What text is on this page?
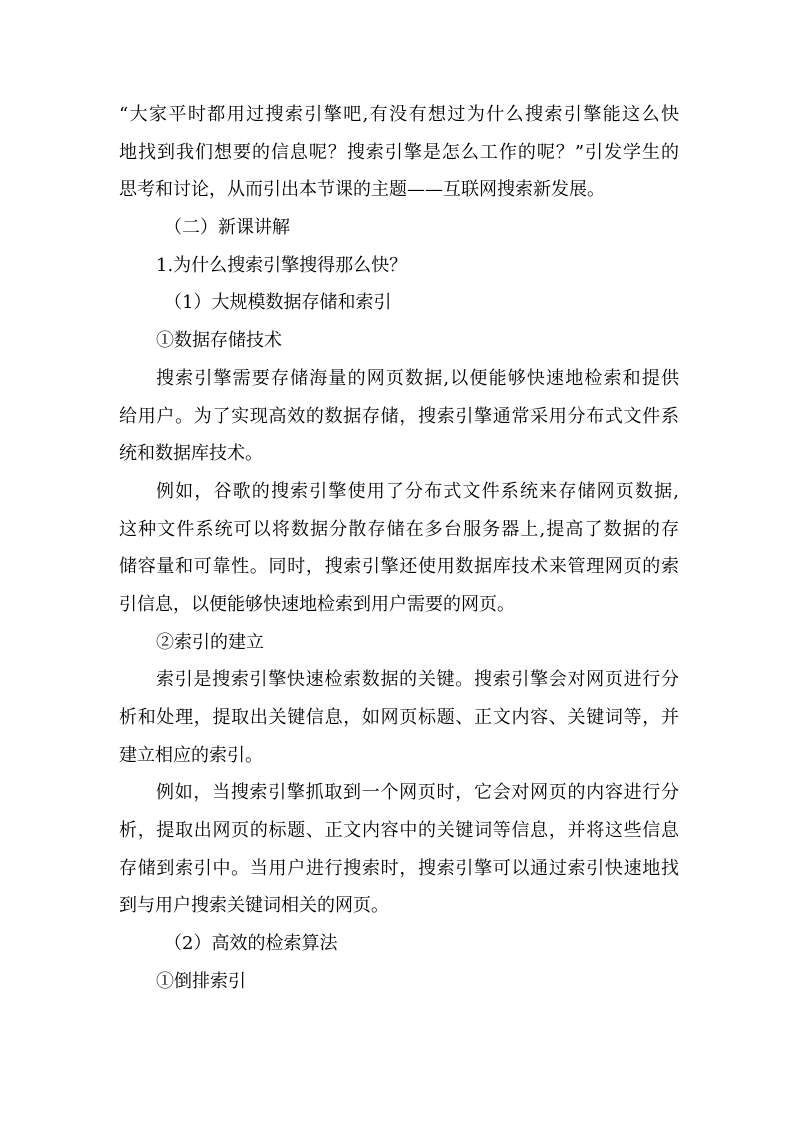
“大家平时都用过搜索引擎吧,有没有想过为什么搜索引擎能这么快
地找到我们想要的信息呢？搜索引擎是怎么工作的呢？”引发学生的
思考和讨论，从而引出本节课的主题——互联网搜索新发展。
（二）新课讲解
1.为什么搜索引擎搜得那么快？
（1）大规模数据存储和索引
①数据存储技术
搜索引擎需要存储海量的网页数据,以便能够快速地检索和提供
给用户。为了实现高效的数据存储，搜索引擎通常采用分布式文件系
统和数据库技术。
例如，谷歌的搜索引擎使用了分布式文件系统来存储网页数据,
这种文件系统可以将数据分散存储在多台服务器上,提高了数据的存
储容量和可靠性。同时，搜索引擎还使用数据库技术来管理网页的索
引信息，以便能够快速地检索到用户需要的网页。
②索引的建立
索引是搜索引擎快速检索数据的关键。搜索引擎会对网页进行分
析和处理，提取出关键信息，如网页标题、正文内容、关键词等，并
建立相应的索引。
例如，当搜索引擎抓取到一个网页时，它会对网页的内容进行分
析，提取出网页的标题、正文内容中的关键词等信息，并将这些信息
存储到索引中。当用户进行搜索时，搜索引擎可以通过索引快速地找
到与用户搜索关键词相关的网页。
（2）高效的检索算法
①倒排索引
